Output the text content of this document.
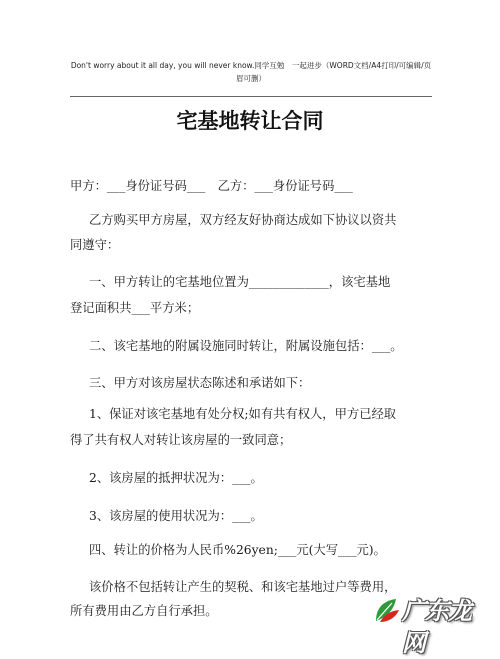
Don't worry about it all day, you will never know.同学互勉　一起进步（WORD文档/A4打印/可编辑/页眉可删）
宅基地转让合同
甲方：___身份证号码___　乙方：___身份证号码___
乙方购买甲方房屋，双方经友好协商达成如下协议以资共
同遵守：
一、甲方转让的宅基地位置为_____________，该宅基地
登记面积共___平方米；
二、该宅基地的附属设施同时转让，附属设施包括：___。
三、甲方对该房屋状态陈述和承诺如下：
1、保证对该宅基地有处分权;如有共有权人，甲方已经取
得了共有权人对转让该房屋的一致同意；
2、该房屋的抵押状况为：___。
3、该房屋的使用状况为：___。
四、转让的价格为人民币%26yen;___元(大写___元)。
该价格不包括转让产生的契税、和该宅基地过户等费用，
所有费用由乙方自行承担。	广东龙网
